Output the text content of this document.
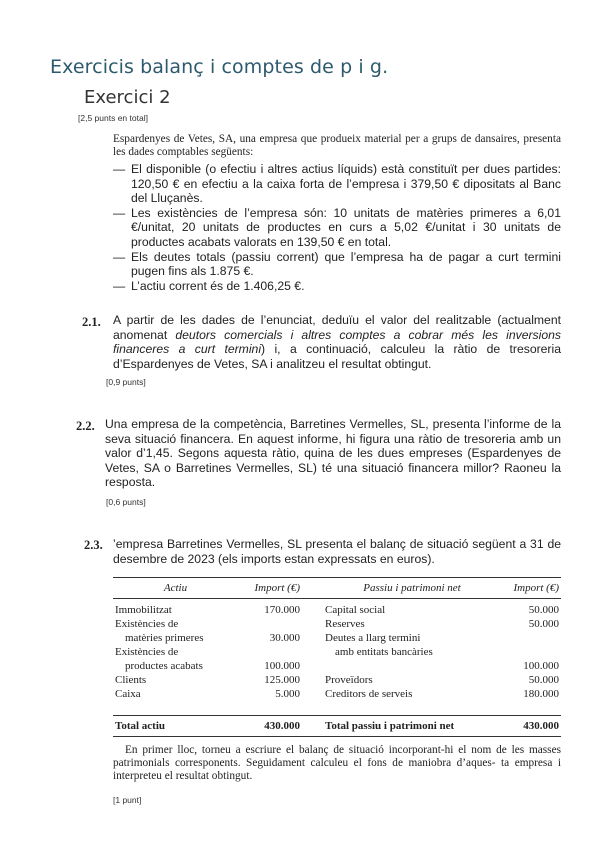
Exercicis balanç i comptes de p i g.
Exercici 2
[2,5 punts en total]
Espardenyes de Vetes, SA, una empresa que produeix material per a grups de dansaires, presenta les dades comptables següents:
— El disponible (o efectiu i altres actius líquids) està constituït per dues partides: 120,50 € en efectiu a la caixa forta de l’empresa i 379,50 € dipositats al Banc del Lluçanès.
— Les existències de l’empresa són: 10 unitats de matèries primeres a 6,01 €/unitat, 20 unitats de productes en curs a 5,02 €/unitat i 30 unitats de productes acabats valorats en 139,50 € en total.
— Els deutes totals (passiu corrent) que l’empresa ha de pagar a curt termini pugen fins als 1.875 €.
— L’actiu corrent és de 1.406,25 €.
2.1. A partir de les dades de l’enunciat, deduïu el valor del realitzable (actualment anomenat deutors comercials i altres comptes a cobrar més les inversions financeres a curt termini) i, a continuació, calculeu la ràtio de tresoreria d’Espardenyes de Vetes, SA i analitzeu el resultat obtingut.
[0,9 punts]
2.2. Una empresa de la competència, Barretines Vermelles, SL, presenta l’informe de la seva situació financera. En aquest informe, hi figura una ràtio de tresoreria amb un valor d’1,45. Segons aquesta ràtio, quina de les dues empreses (Espardenyes de Vetes, SA o Barretines Vermelles, SL) té una situació financera millor? Raoneu la resposta.
[0,6 punts]
2.3. ’empresa Barretines Vermelles, SL presenta el balanç de situació següent a 31 de desembre de 2023 (els imports estan expressats en euros).
Actiu	Import (€)		Passiu i patrimoni net	Import (€)

Immobilitzat	170.000		Capital social	50.000
Existències de			Reserves	50.000
matèries primeres	30.000		Deutes a llarg termini	
Existències de			amb entitats bancàries	
productes acabats	100.000			100.000
Clients	125.000		Proveïdors	50.000
Caixa	5.000		Creditors de serveis	180.000

Total actiu	430.000		Total passiu i patrimoni net	430.000
En primer lloc, torneu a escriure el balanç de situació incorporant-hi el nom de les masses patrimonials corresponents. Seguidament calculeu el fons de maniobra d’aques- ta empresa i interpreteu el resultat obtingut.
[1 punt]
